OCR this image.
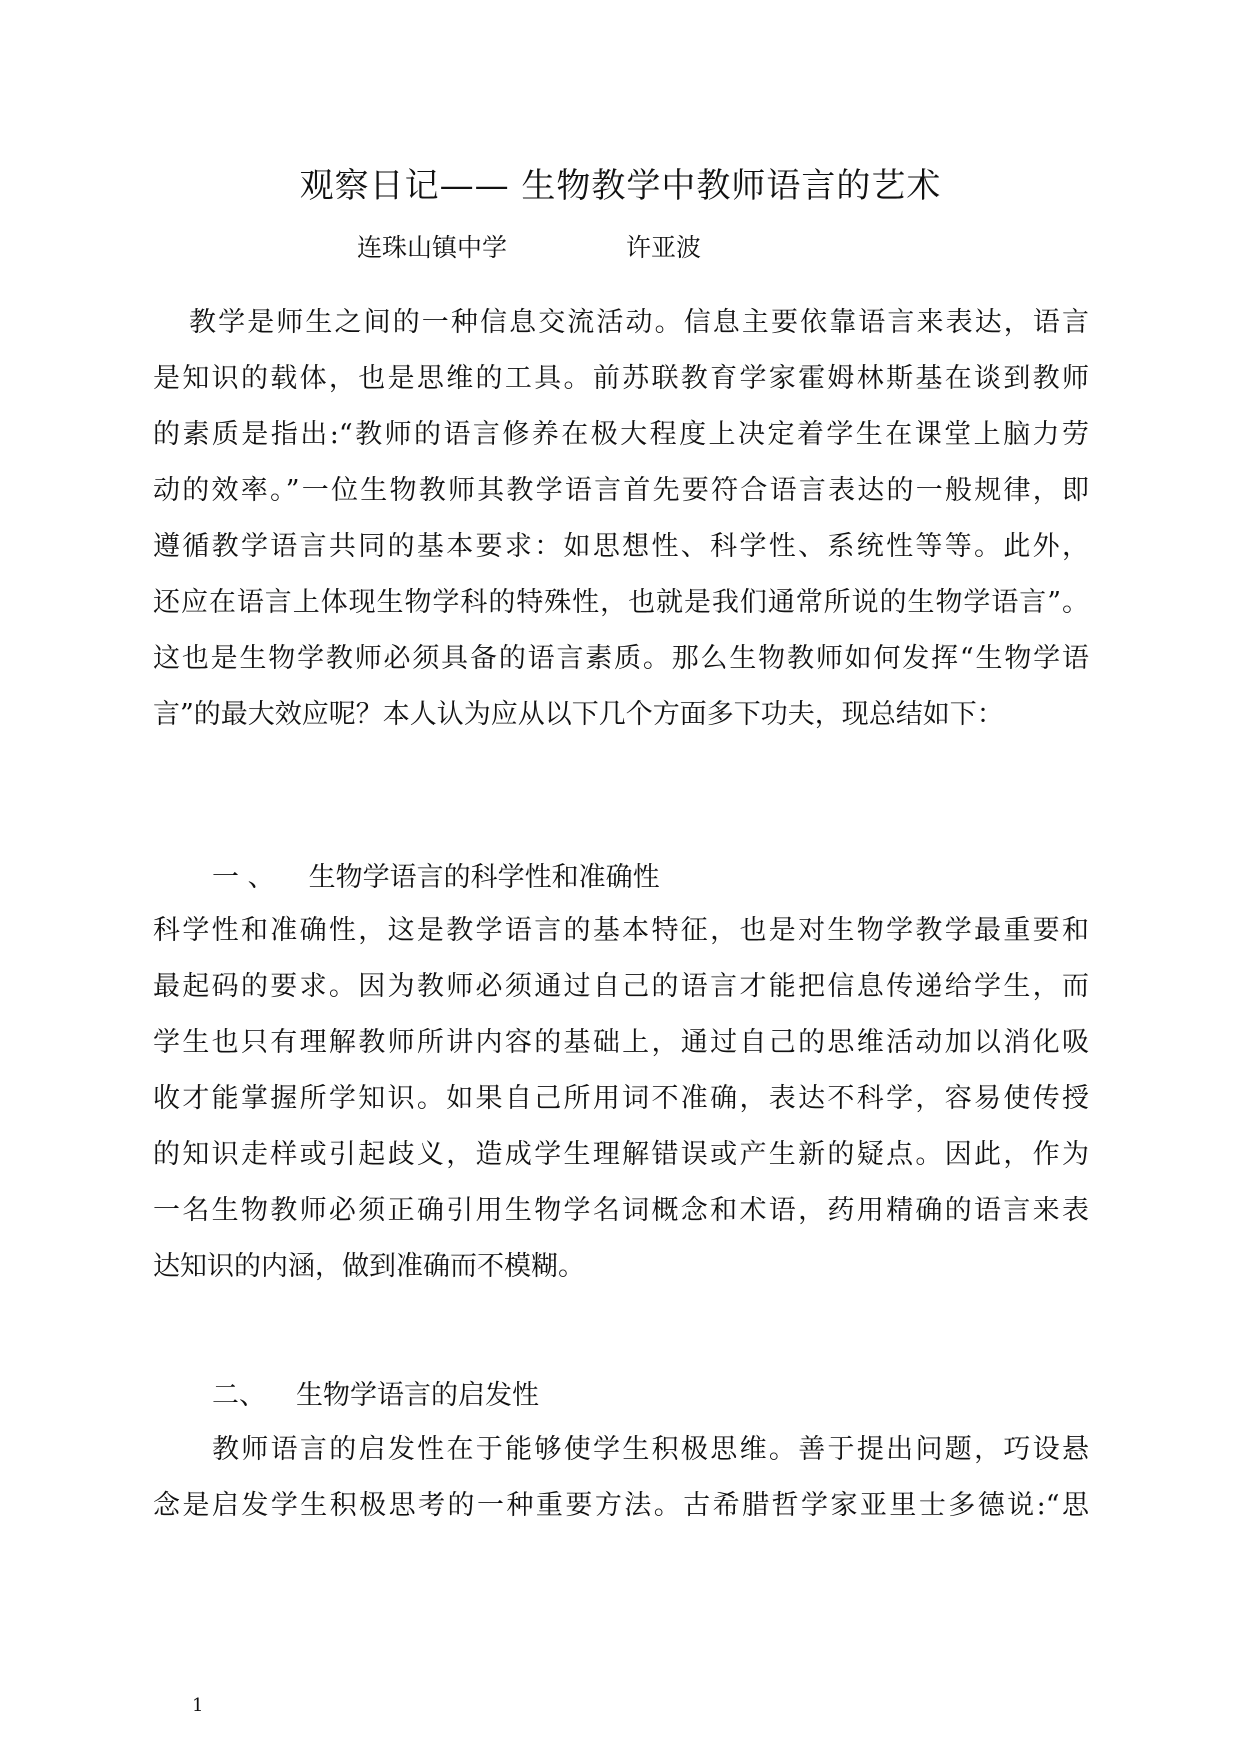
观察日记—— 生物教学中教师语言的艺术
连珠山镇中学	许亚波
教学是师生之间的一种信息交流活动。信息主要依靠语言来表达，语言
是知识的载体，也是思维的工具。前苏联教育学家霍姆林斯基在谈到教师
的素质是指出:“教师的语言修养在极大程度上决定着学生在课堂上脑力劳
动的效率。”一位生物教师其教学语言首先要符合语言表达的一般规律，即
遵循教学语言共同的基本要求：如思想性、科学性、系统性等等。此外，
还应在语言上体现生物学科的特殊性，也就是我们通常所说的生物学语言”。
这也是生物学教师必须具备的语言素质。那么生物教师如何发挥“生物学语
言”的最大效应呢？本人认为应从以下几个方面多下功夫，现总结如下：
一 、 生物学语言的科学性和准确性
科学性和准确性，这是教学语言的基本特征，也是对生物学教学最重要和
最起码的要求。因为教师必须通过自己的语言才能把信息传递给学生，而
学生也只有理解教师所讲内容的基础上，通过自己的思维活动加以消化吸
收才能掌握所学知识。如果自己所用词不准确，表达不科学，容易使传授
的知识走样或引起歧义，造成学生理解错误或产生新的疑点。因此，作为
一名生物教师必须正确引用生物学名词概念和术语，药用精确的语言来表
达知识的内涵，做到准确而不模糊。
二、 生物学语言的启发性
教师语言的启发性在于能够使学生积极思维。善于提出问题，巧设悬
念是启发学生积极思考的一种重要方法。古希腊哲学家亚里士多德说:“思
1
